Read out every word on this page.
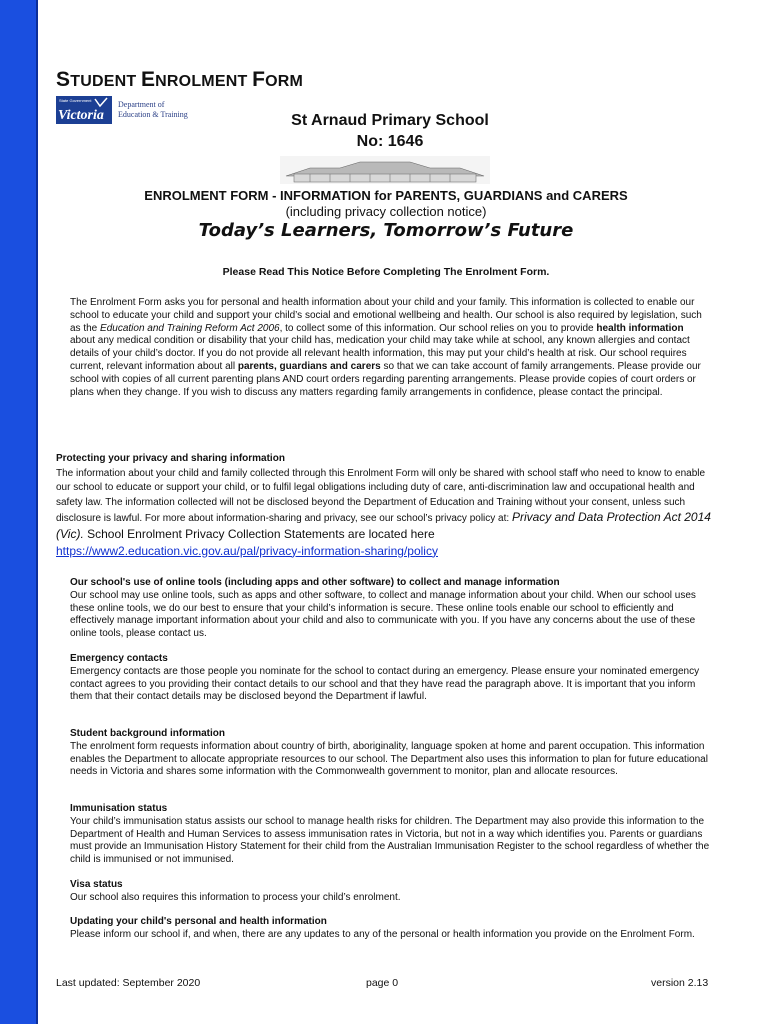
STUDENT ENROLMENT FORM
State Government
Victoria
Department of
Education & Training	St Arnaud Primary School
No: 1646
ENROLMENT FORM - INFORMATION for PARENTS, GUARDIANS and CARERS
(including privacy collection notice)
Today’s Learners, Tomorrow’s Future
Please Read This Notice Before Completing The Enrolment Form.
The Enrolment Form asks you for personal and health information about your child and your family. This information is collected to enable our school to educate your child and support your child’s social and emotional wellbeing and health. Our school is also required by legislation, such as the Education and Training Reform Act 2006, to collect some of this information. Our school relies on you to provide health information about any medical condition or disability that your child has, medication your child may take while at school, any known allergies and contact details of your child’s doctor. If you do not provide all relevant health information, this may put your child’s health at risk. Our school requires current, relevant information about all parents, guardians and carers so that we can take account of family arrangements. Please provide our school with copies of all current parenting plans AND court orders regarding parenting arrangements. Please provide copies of court orders or plans when they change. If you wish to discuss any matters regarding family arrangements in confidence, please contact the principal.
Protecting your privacy and sharing information
The information about your child and family collected through this Enrolment Form will only be shared with school staff who need to know to enable our school to educate or support your child, or to fulfil legal obligations including duty of care, anti-discrimination law and occupational health and safety law. The information collected will not be disclosed beyond the Department of Education and Training without your consent, unless such disclosure is lawful. For more about information-sharing and privacy, see our school’s privacy policy at: Privacy and Data Protection Act 2014 (Vic). School Enrolment Privacy Collection Statements are located here
https://www2.education.vic.gov.au/pal/privacy-information-sharing/policy
Our school's use of online tools (including apps and other software) to collect and manage information
Our school may use online tools, such as apps and other software, to collect and manage information about your child. When our school uses these online tools, we do our best to ensure that your child’s information is secure. These online tools enable our school to efficiently and effectively manage important information about your child and also to communicate with you. If you have any concerns about the use of these online tools, please contact us.
Emergency contacts
Emergency contacts are those people you nominate for the school to contact during an emergency. Please ensure your nominated emergency contact agrees to you providing their contact details to our school and that they have read the paragraph above. It is important that you inform them that their contact details may be disclosed beyond the Department if lawful.
Student background information
The enrolment form requests information about country of birth, aboriginality, language spoken at home and parent occupation. This information enables the Department to allocate appropriate resources to our school. The Department also uses this information to plan for future educational needs in Victoria and shares some information with the Commonwealth government to monitor, plan and allocate resources.
Immunisation status
Your child’s immunisation status assists our school to manage health risks for children. The Department may also provide this information to the Department of Health and Human Services to assess immunisation rates in Victoria, but not in a way which identifies you. Parents or guardians must provide an Immunisation History Statement for their child from the Australian Immunisation Register to the school regardless of whether the child is immunised or not immunised.
Visa status
Our school also requires this information to process your child’s enrolment.
Updating your child's personal and health information
Please inform our school if, and when, there are any updates to any of the personal or health information you provide on the Enrolment Form.
Last updated: September 2020	page 0	version 2.13
